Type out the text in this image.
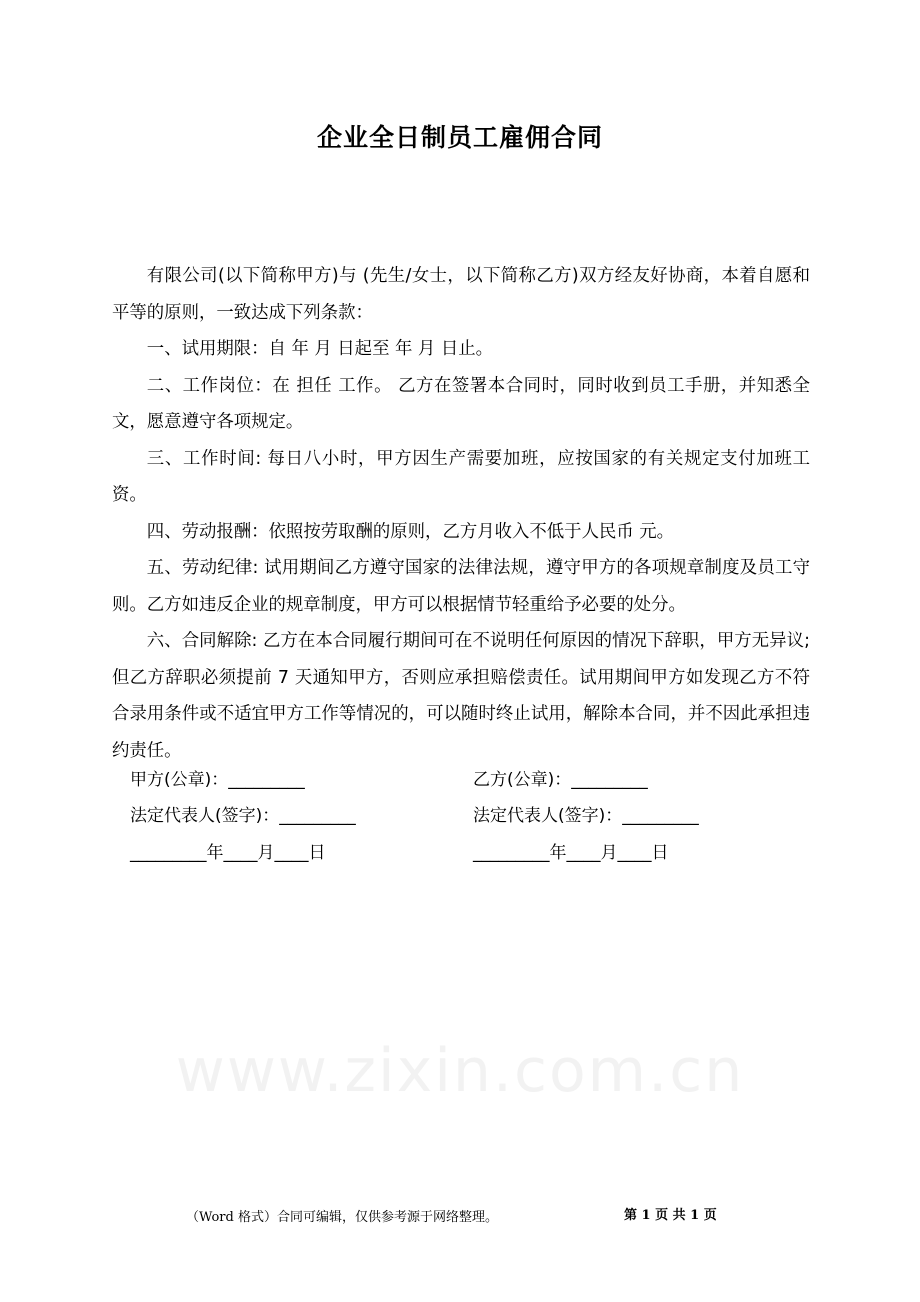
www.zixin.com.cn
企业全日制员工雇佣合同

有限公司(以下简称甲方)与 (先生/女士，以下简称乙方)双方经友好协商，本着自愿和平等的原则，一致达成下列条款：

一、试用期限：自 年 月 日起至 年 月 日止。

二、工作岗位：在 担任 工作。 乙方在签署本合同时，同时收到员工手册，并知悉全文，愿意遵守各项规定。

三、工作时间: 每日八小时，甲方因生产需要加班，应按国家的有关规定支付加班工资。

四、劳动报酬：依照按劳取酬的原则，乙方月收入不低于人民币 元。

五、劳动纪律: 试用期间乙方遵守国家的法律法规，遵守甲方的各项规章制度及员工守则。乙方如违反企业的规章制度，甲方可以根据情节轻重给予必要的处分。

六、合同解除: 乙方在本合同履行期间可在不说明任何原因的情况下辞职，甲方无异议;但乙方辞职必须提前 7 天通知甲方，否则应承担赔偿责任。试用期间甲方如发现乙方不符合录用条件或不适宜甲方工作等情况的，可以随时终止试用，解除本合同，并不因此承担违约责任。

甲方(公章)：_________	乙方(公章)：_________
法定代表人(签字)：_________	法定代表人(签字)：_________
_________年____月____日	_________年____月____日
（Word 格式）合同可编辑，仅供参考源于网络整理。	第 1 页 共 1 页
